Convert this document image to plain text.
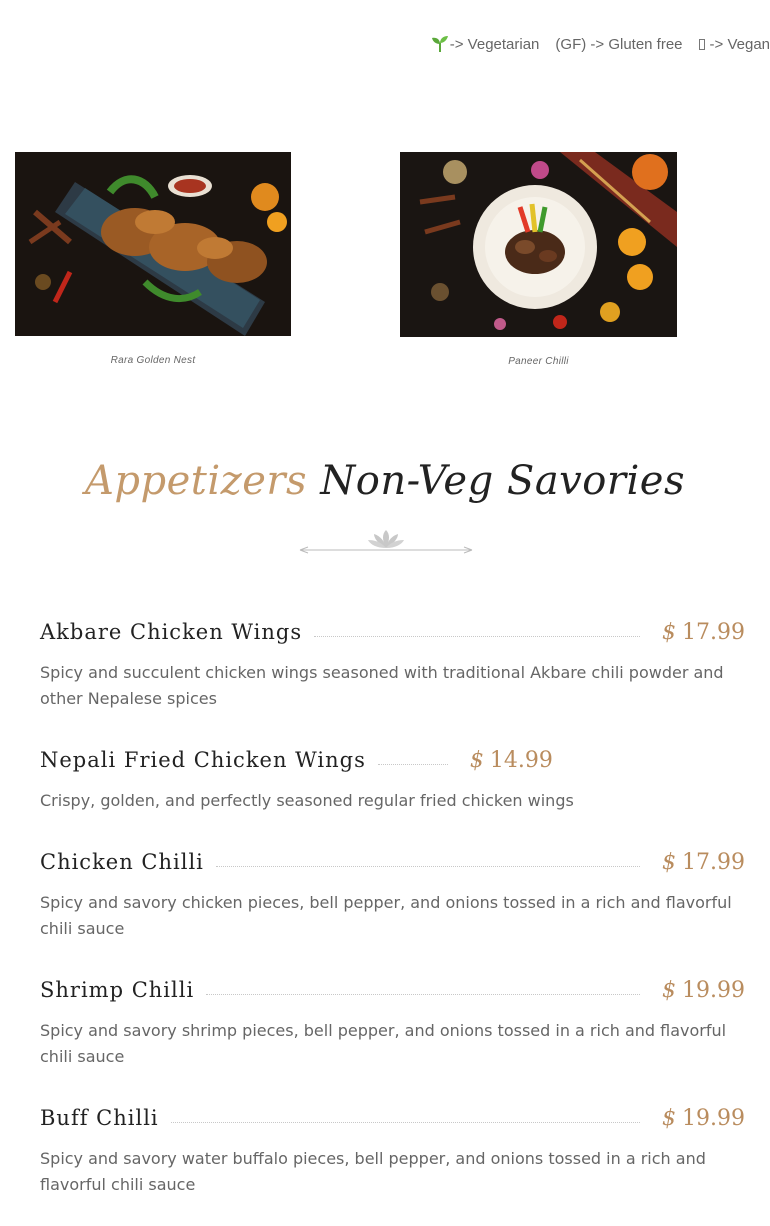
-> Vegetarian (GF) -> Gluten free -> Vegan
Rara Golden Nest	Paneer Chilli
Appetizers Non-Veg Savories
Akbare Chicken Wings	$ 17.99
Spicy and succulent chicken wings seasoned with traditional Akbare chili powder and other Nepalese spices
Nepali Fried Chicken Wings	$ 14.99
Crispy, golden, and perfectly seasoned regular fried chicken wings
Chicken Chilli	$ 17.99
Spicy and savory chicken pieces, bell pepper, and onions tossed in a rich and flavorful chili sauce
Shrimp Chilli	$ 19.99
Spicy and savory shrimp pieces, bell pepper, and onions tossed in a rich and flavorful chili sauce
Buff Chilli	$ 19.99
Spicy and savory water buffalo pieces, bell pepper, and onions tossed in a rich and flavorful chili sauce
